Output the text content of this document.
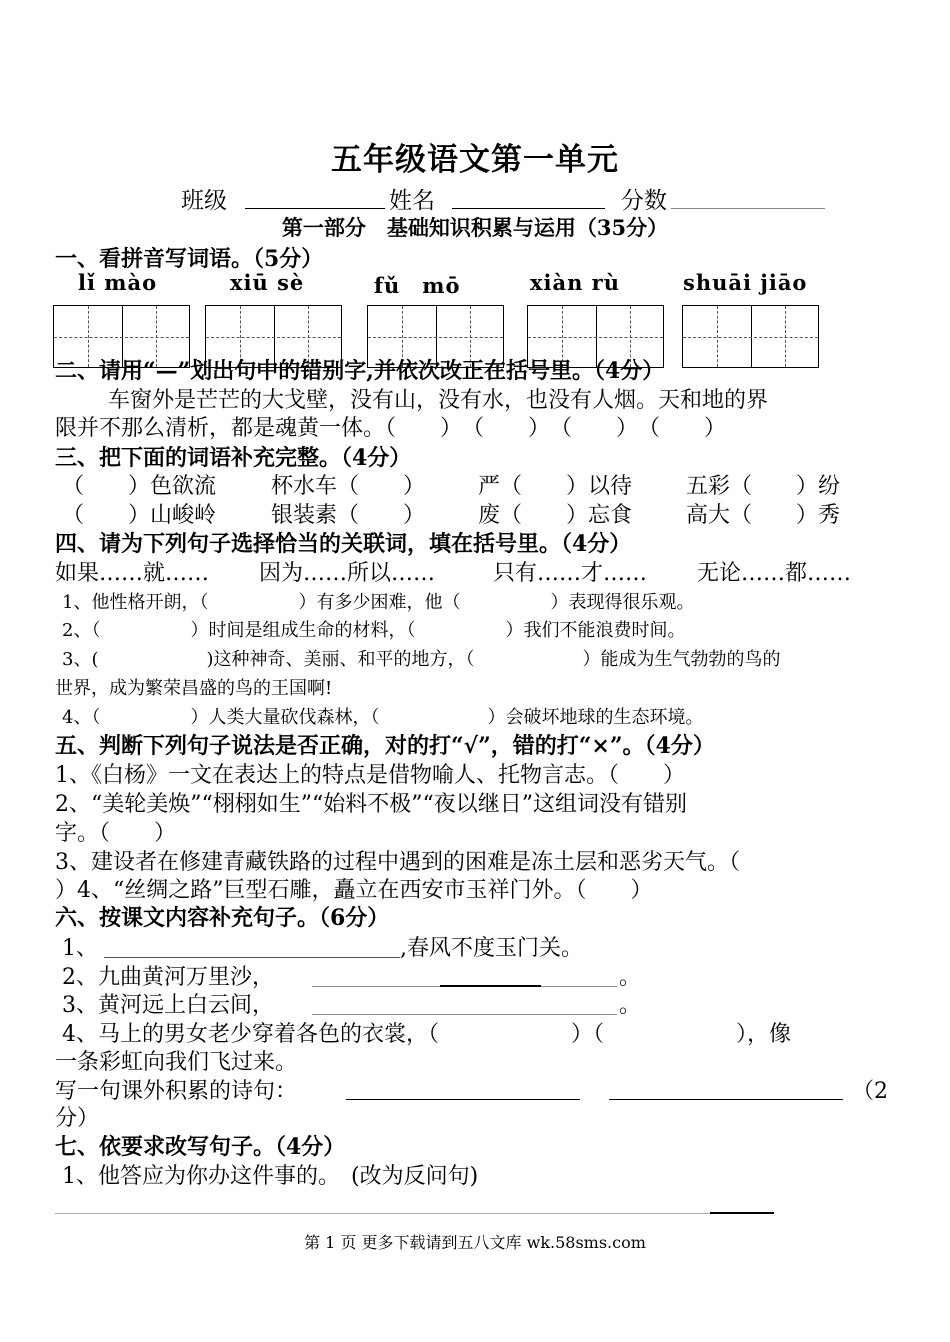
五年级语文第一单元
班级	姓名	分数
第一部分　基础知识积累与运用（35分）
一、看拼音写词语。（5分）
lǐ mào	xiū sè	fǔ　mō	xiàn rù	shuāi jiāo
二、请用“—”划出句中的错别字,并依次改正在括号里。（4分）
车窗外是芒芒的大戈壁，没有山，没有水，也没有人烟。天和地的界
限并不那么清析，都是魂黄一体。（　　）　（　　）　（　　）　（　　）
三、把下面的词语补充完整。（4分）
（　　）色欲流 杯水车（　　） 严（　　）以待 五彩（　　）纷
（　　）山峻岭 银装素（　　） 废（　　）忘食 高大（　　）秀
四、请为下列句子选择恰当的关联词，填在括号里。（4分）
如果……就…… 因为……所以……	只有……才…… 无论……都……
1、他性格开朗，（　　　　　）有多少困难，他（　　　　　）表现得很乐观。
2、（　　　　　）时间是组成生命的材料，（　　　　　）我们不能浪费时间。
3、(　　　　　　)这种神奇、美丽、和平的地方，（　　　　　　）能成为生气勃勃的鸟的
世界，成为繁荣昌盛的鸟的王国啊!
4、（　　　　　）人类大量砍伐森林，（　　　　　　）会破坏地球的生态环境。
五、判断下列句子说法是否正确，对的打“√”，错的打“×”。（4分）
1、《白杨》一文在表达上的特点是借物喻人、托物言志。（　　）
2、“美轮美焕”“栩栩如生”“始料不极”“夜以继日”这组词没有错别
字。（　　）
3、建设者在修建青藏铁路的过程中遇到的困难是冻土层和恶劣天气。（
）4、“丝绸之路”巨型石雕，矗立在西安市玉祥门外。（　　）
六、按课文内容补充句子。（6分）
1、	,春风不度玉门关。
2、九曲黄河万里沙，	。
3、黄河远上白云间，	。
4、马上的男女老少穿着各色的衣裳，（　　　　　　）（　　　　　　），像
一条彩虹向我们飞过来。
写一句课外积累的诗句：	（2
分）
七、依要求改写句子。（4分）
1、他答应为你办这件事的。　(改为反问句)
第 1 页 更多下载请到五八文库 wk.58sms.com
